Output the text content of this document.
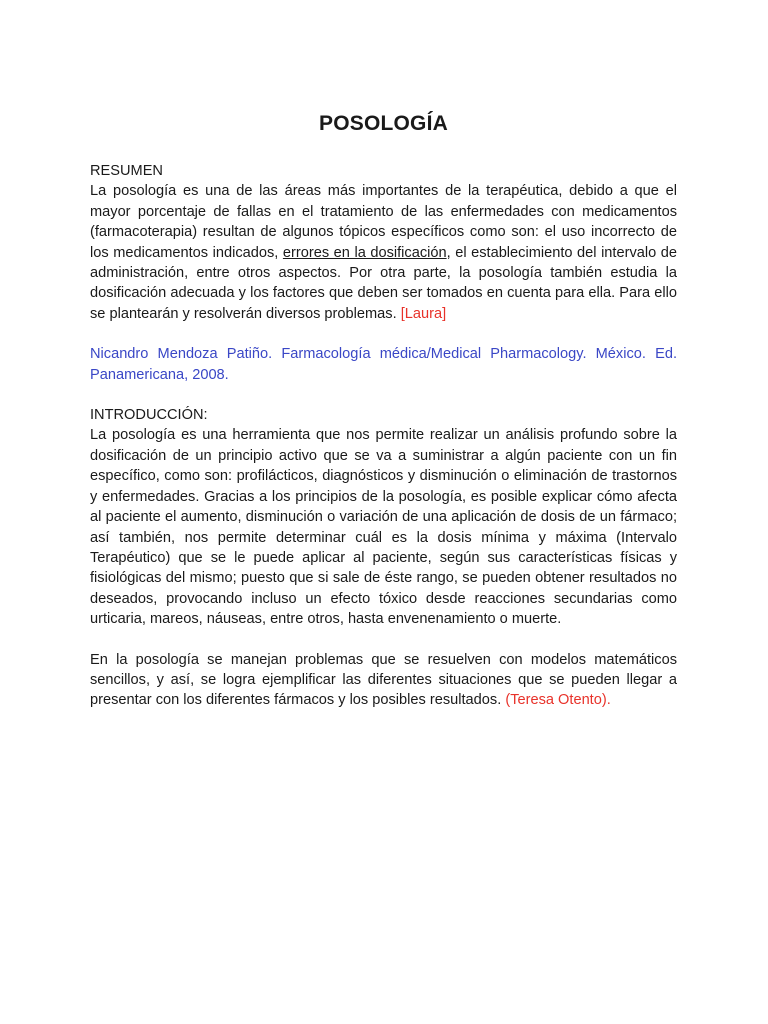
POSOLOGÍA
RESUMEN
La posología es una de las áreas más importantes de la terapéutica, debido a que el mayor porcentaje de fallas en el tratamiento de las enfermedades con medicamentos (farmacoterapia) resultan de algunos tópicos específicos como son: el uso incorrecto de los medicamentos indicados, errores en la dosificación, el establecimiento del intervalo de administración, entre otros aspectos. Por otra parte, la posología también estudia la dosificación adecuada y los factores que deben ser tomados en cuenta para ella. Para ello se plantearán y resolverán diversos problemas. [Laura]

Nicandro Mendoza Patiño. Farmacología médica/Medical Pharmacology. México. Ed. Panamericana, 2008.

INTRODUCCIÓN:
La posología es una herramienta que nos permite realizar un análisis profundo sobre la dosificación de un principio activo que se va a suministrar a algún paciente con un fin específico, como son: profilácticos, diagnósticos y disminución o eliminación de trastornos y enfermedades. Gracias a los principios de la posología, es posible explicar cómo afecta al paciente el aumento, disminución o variación de una aplicación de dosis de un fármaco; así también, nos permite determinar cuál es la dosis mínima y máxima (Intervalo Terapéutico) que se le puede aplicar al paciente, según sus características físicas y fisiológicas del mismo; puesto que si sale de éste rango, se pueden obtener resultados no deseados, provocando incluso un efecto tóxico desde reacciones secundarias como urticaria, mareos, náuseas, entre otros, hasta envenenamiento o muerte.

En la posología se manejan problemas que se resuelven con modelos matemáticos sencillos, y así, se logra ejemplificar las diferentes situaciones que se pueden llegar a presentar con los diferentes fármacos y los posibles resultados. (Teresa Otento).
